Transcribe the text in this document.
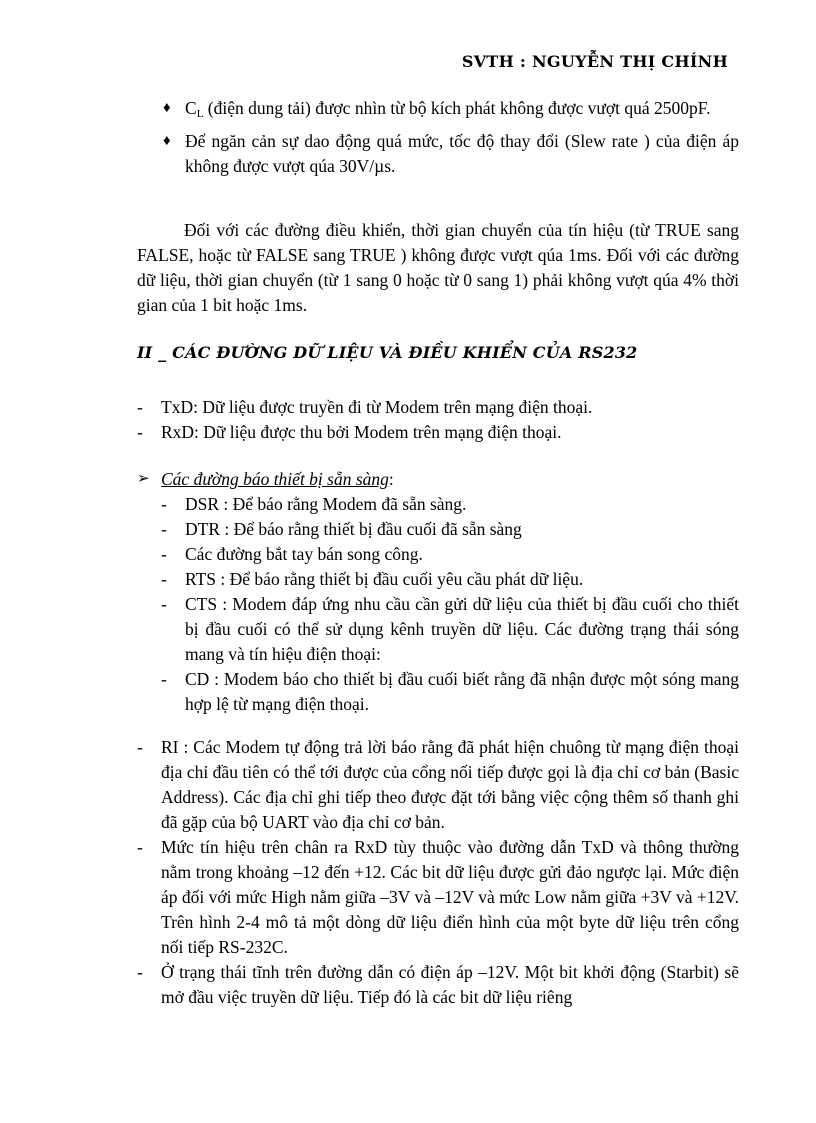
SVTH : NGUYỄN THỊ CHÍNH
♦ $C_L$ (điện dung tải) được nhìn từ bộ kích phát không được vượt quá 2500pF.
♦ Để ngăn cản sự dao động quá mức, tốc độ thay đổi (Slew rate ) của điện áp không được vượt qúa 30V/µs.
Đối với các đường điều khiển, thời gian chuyển của tín hiệu (từ TRUE sang FALSE, hoặc từ FALSE sang TRUE ) không được vượt qúa 1ms. Đối với các đường dữ liệu, thời gian chuyển (từ 1 sang 0 hoặc từ 0 sang 1) phải không vượt qúa 4% thời gian của 1 bit hoặc 1ms.
II _ CÁC ĐƯỜNG DỮ LIỆU VÀ ĐIỀU KHIỂN CỦA RS232
- TxD: Dữ liệu được truyền đi từ Modem trên mạng điện thoại.
- RxD: Dữ liệu được thu bởi Modem trên mạng điện thoại.
➢ Các đường báo thiết bị sẵn sàng:
- DSR : Để báo rằng Modem đã sẵn sàng.
- DTR : Để báo rằng thiết bị đầu cuối đã sẵn sàng
- Các đường bắt tay bán song công.
- RTS : Để báo rằng thiết bị đầu cuối yêu cầu phát dữ liệu.
- CTS : Modem đáp ứng nhu cầu cần gửi dữ liệu của thiết bị đầu cuối cho thiết bị đầu cuối có thể sử dụng kênh truyền dữ liệu. Các đường trạng thái sóng mang và tín hiệu điện thoại:
- CD : Modem báo cho thiết bị đầu cuối biết rằng đã nhận được một sóng mang hợp lệ từ mạng điện thoại.
- RI : Các Modem tự động trả lời báo rằng đã phát hiện chuông từ mạng điện thoại địa chỉ đầu tiên có thể tới được của cổng nối tiếp được gọi là địa chỉ cơ bản (Basic Address). Các địa chỉ ghi tiếp theo được đặt tới bằng việc cộng thêm số thanh ghi đã gặp của bộ UART vào địa chỉ cơ bản.
- Mức tín hiệu trên chân ra RxD tùy thuộc vào đường dẫn TxD và thông thường nằm trong khoảng –12 đến +12. Các bit dữ liệu được gửi đảo ngược lại. Mức điện áp đối với mức High nằm giữa –3V và –12V và mức Low nằm giữa +3V và +12V. Trên hình 2-4 mô tả một dòng dữ liệu điển hình của một byte dữ liệu trên cổng nối tiếp RS-232C.
- Ở trạng thái tĩnh trên đường dẫn có điện áp –12V. Một bit khởi động (Starbit) sẽ mở đầu việc truyền dữ liệu. Tiếp đó là các bit dữ liệu riêng
